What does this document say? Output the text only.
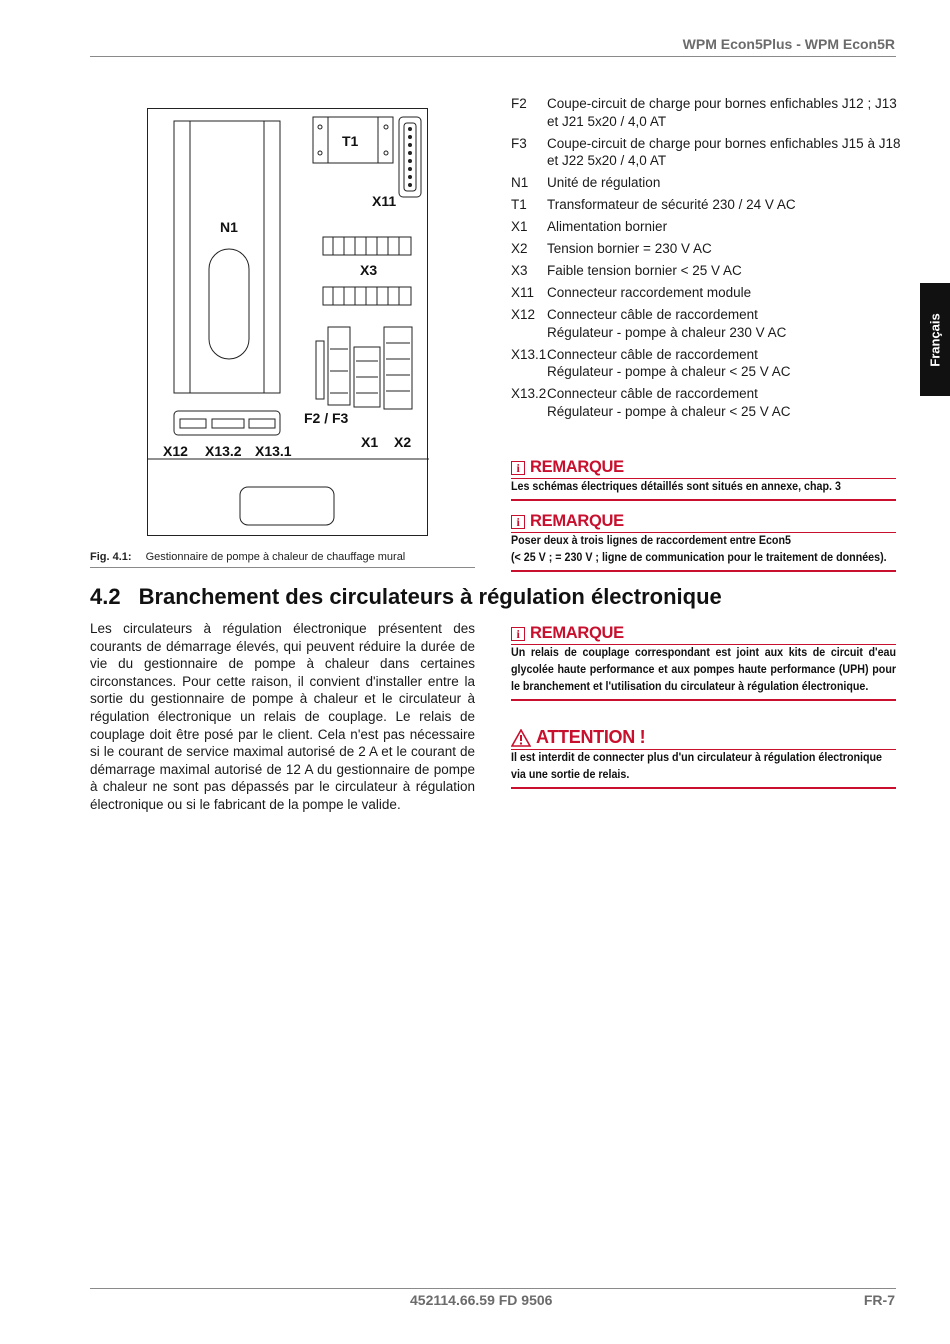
WPM Econ5Plus - WPM Econ5R
Français
N1
T1
X11
X3
F2 / F3
X1 X2
X12 X13.2 X13.1
Fig. 4.1: Gestionnaire de pompe à chaleur de chauffage mural
F2	Coupe-circuit de charge pour bornes enfichables J12 ; J13 et J21 5x20 / 4,0 AT
F3	Coupe-circuit de charge pour bornes enfichables J15 à J18
et J22 5x20 / 4,0 AT
N1	Unité de régulation
T1	Transformateur de sécurité 230 / 24 V AC
X1	Alimentation bornier
X2	Tension bornier = 230 V AC
X3	Faible tension bornier < 25 V AC
X11 Connecteur raccordement module
X12 Connecteur câble de raccordement
Régulateur - pompe à chaleur 230 V AC
X13.1 Connecteur câble de raccordement
Régulateur - pompe à chaleur < 25 V AC
X13.2 Connecteur câble de raccordement
Régulateur - pompe à chaleur < 25 V AC
i REMARQUE
Les schémas électriques détaillés sont situés en annexe, chap. 3
i REMARQUE
Poser deux à trois lignes de raccordement entre Econ5
(< 25 V ; = 230 V ; ligne de communication pour le traitement de données).
4.2 Branchement des circulateurs à régulation électronique
Les circulateurs à régulation électronique présentent des courants de démarrage élevés, qui peuvent réduire la durée de vie du gestionnaire de pompe à chaleur dans certaines circonstances. Pour cette raison, il convient d'installer entre la sortie du gestionnaire de pompe à chaleur et le circulateur à régulation électronique un relais de couplage. Le relais de couplage doit être posé par le client. Cela n'est pas nécessaire si le courant de service maximal autorisé de 2 A et le courant de démarrage maximal autorisé de 12 A du gestionnaire de pompe à chaleur ne sont pas dépassés par le circulateur à régulation électronique ou si le fabricant de la pompe le valide.
i REMARQUE
Un relais de couplage correspondant est joint aux kits de circuit d'eau glycolée haute performance et aux pompes haute performance (UPH) pour le branchement et l'utilisation du circulateur à régulation électronique.
ATTENTION !
Il est interdit de connecter plus d'un circulateur à régulation électronique via une sortie de relais.
452114.66.59 FD 9506	FR-7
